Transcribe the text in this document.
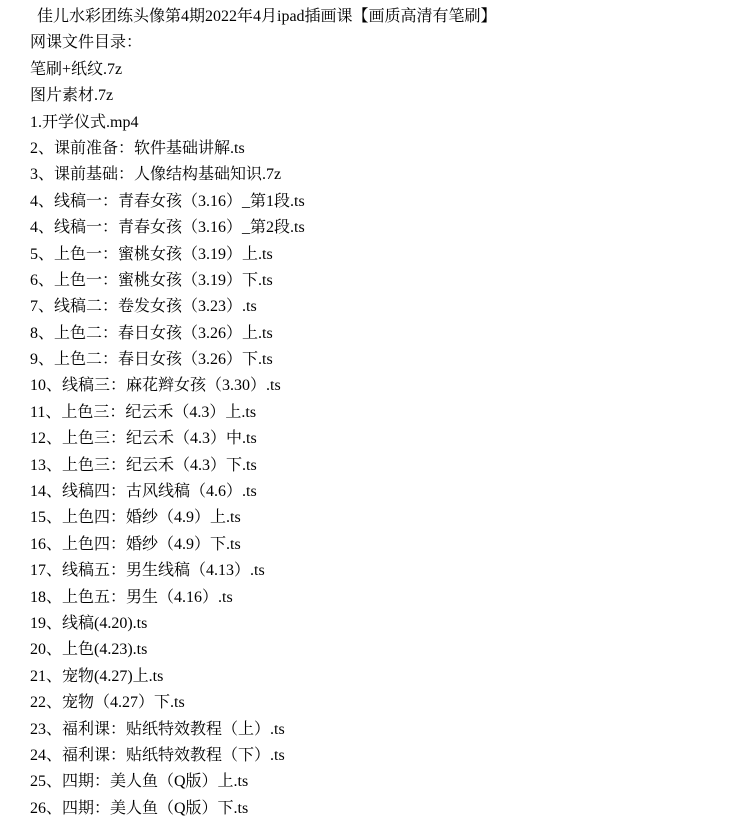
佳儿水彩团练头像第4期2022年4月ipad插画课【画质高清有笔刷】
网课文件目录：
笔刷+纸纹.7z
图片素材.7z
1.开学仪式.mp4
2、课前准备：软件基础讲解.ts
3、课前基础：人像结构基础知识.7z
4、线稿一：青春女孩（3.16）_第1段.ts
4、线稿一：青春女孩（3.16）_第2段.ts
5、上色一：蜜桃女孩（3.19）上.ts
6、上色一：蜜桃女孩（3.19）下.ts
7、线稿二：卷发女孩（3.23）.ts
8、上色二：春日女孩（3.26）上.ts
9、上色二：春日女孩（3.26）下.ts
10、线稿三：麻花辫女孩（3.30）.ts
11、上色三：纪云禾（4.3）上.ts
12、上色三：纪云禾（4.3）中.ts
13、上色三：纪云禾（4.3）下.ts
14、线稿四：古风线稿（4.6）.ts
15、上色四：婚纱（4.9）上.ts
16、上色四：婚纱（4.9）下.ts
17、线稿五：男生线稿（4.13）.ts
18、上色五：男生（4.16）.ts
19、线稿(4.20).ts
20、上色(4.23).ts
21、宠物(4.27)上.ts
22、宠物（4.27）下.ts
23、福利课：贴纸特效教程（上）.ts
24、福利课：贴纸特效教程（下）.ts
25、四期：美人鱼（Q版）上.ts
26、四期：美人鱼（Q版）下.ts
